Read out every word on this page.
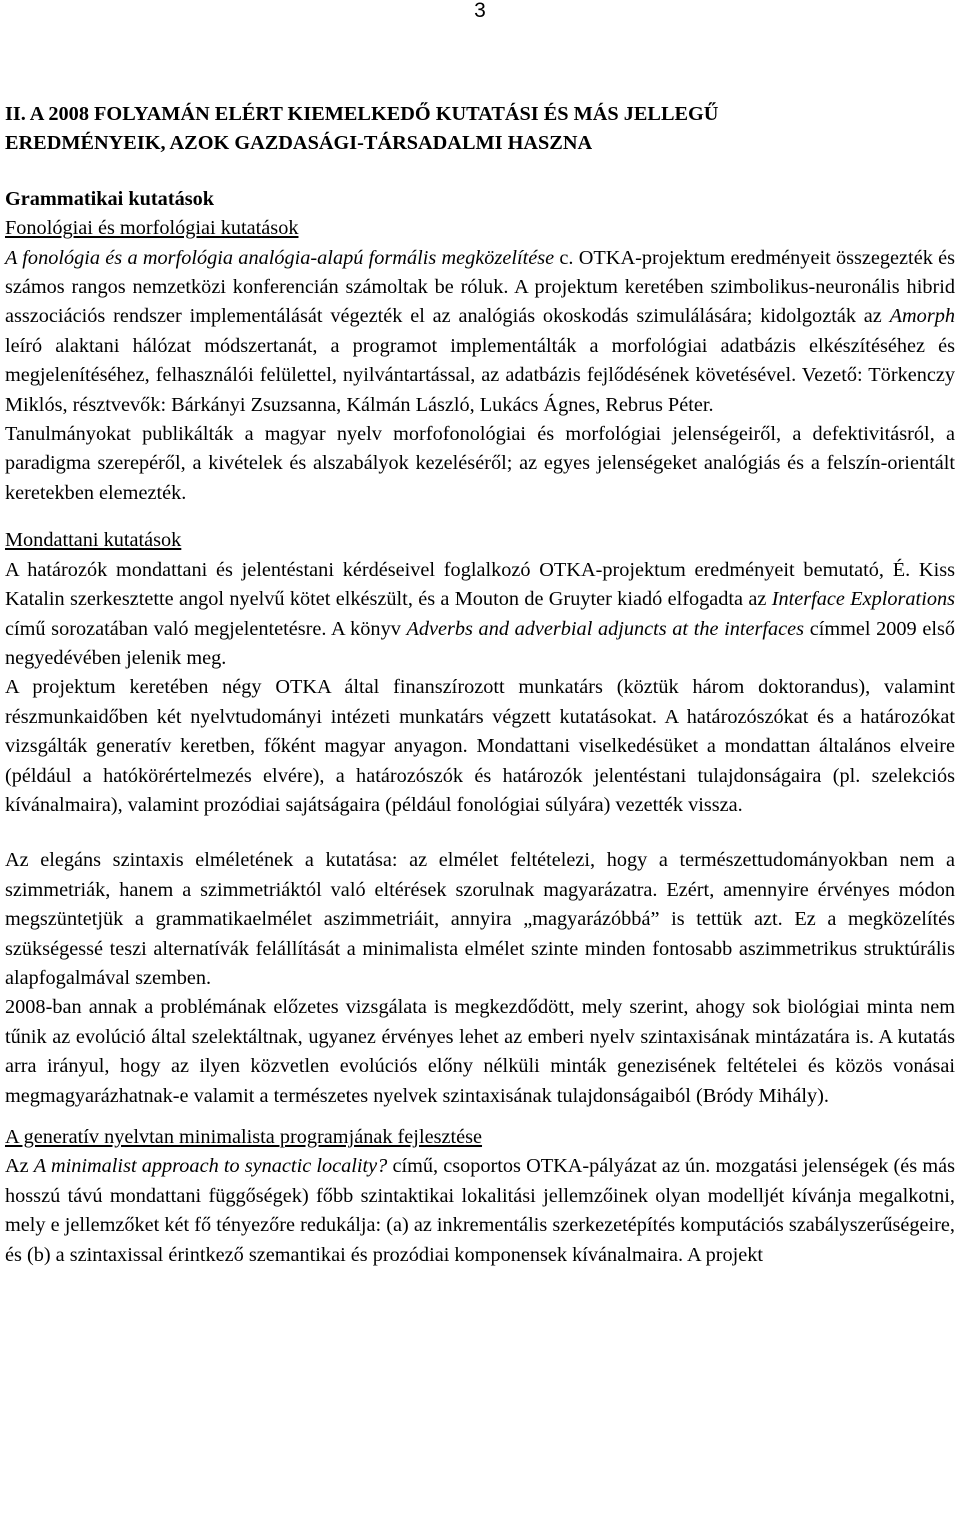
3
II. A 2008 FOLYAMÁN ELÉRT KIEMELKEDŐ KUTATÁSI ÉS MÁS JELLEGŰ
EREDMÉNYEIK, AZOK GAZDASÁGI-TÁRSADALMI HASZNA
Grammatikai kutatások
Fonológiai és morfológiai kutatások

A fonológia és a morfológia analógia-alapú formális megközelítése c. OTKA-projektum eredményeit összegezték és számos rangos nemzetközi konferencián számoltak be róluk. A projektum keretében szimbolikus-neuronális hibrid asszociációs rendszer implementálását végezték el az analógiás okoskodás szimulálására; kidolgozták az Amorph leíró alaktani hálózat módszertanát, a programot implementálták a morfológiai adatbázis elkészítéséhez és megjelenítéséhez, felhasználói felülettel, nyilvántartással, az adatbázis fejlődésének követésével. Vezető: Törkenczy Miklós, résztvevők: Bárkányi Zsuzsanna, Kálmán László, Lukács Ágnes, Rebrus Péter.

Tanulmányokat publikálták a magyar nyelv morfofonológiai és morfológiai jelenségeiről, a defektivitásról, a paradigma szerepéről, a kivételek és alszabályok kezeléséről; az egyes jelenségeket analógiás és a felszín-orientált keretekben elemezték.

Mondattani kutatások

A határozók mondattani és jelentéstani kérdéseivel foglalkozó OTKA-projektum eredményeit bemutató, É. Kiss Katalin szerkesztette angol nyelvű kötet elkészült, és a Mouton de Gruyter kiadó elfogadta az Interface Explorations című sorozatában való megjelentetésre. A könyv Adverbs and adverbial adjuncts at the interfaces címmel 2009 első negyedévében jelenik meg.

A projektum keretében négy OTKA által finanszírozott munkatárs (köztük három doktorandus), valamint részmunkaidőben két nyelvtudományi intézeti munkatárs végzett kutatásokat. A határozószókat és a határozókat vizsgálták generatív keretben, főként magyar anyagon. Mondattani viselkedésüket a mondattan általános elveire (például a hatókörértelmezés elvére), a határozószók és határozók jelentéstani tulajdonságaira (pl. szelekciós kívánalmaira), valamint prozódiai sajátságaira (például fonológiai súlyára) vezették vissza.

Az elegáns szintaxis elméletének a kutatása: az elmélet feltételezi, hogy a természettudományokban nem a szimmetriák, hanem a szimmetriáktól való eltérések szorulnak magyarázatra. Ezért, amennyire érvényes módon megszüntetjük a grammatikaelmélet aszimmetriáit, annyira „magyarázóbbá” is tettük azt. Ez a megközelítés szükségessé teszi alternatívák felállítását a minimalista elmélet szinte minden fontosabb aszimmetrikus struktúrális alapfogalmával szemben.

2008-ban annak a problémának előzetes vizsgálata is megkezdődött, mely szerint, ahogy sok biológiai minta nem tűnik az evolúció által szelektáltnak, ugyanez érvényes lehet az emberi nyelv szintaxisának mintázatára is. A kutatás arra irányul, hogy az ilyen közvetlen evolúciós előny nélküli minták genezisének feltételei és közös vonásai megmagyarázhatnak-e valamit a természetes nyelvek szintaxisának tulajdonságaiból (Bródy Mihály).

A generatív nyelvtan minimalista programjának fejlesztése

Az A minimalist approach to synactic locality? című, csoportos OTKA-pályázat az ún. mozgatási jelenségek (és más hosszú távú mondattani függőségek) főbb szintaktikai lokalitási jellemzőinek olyan modelljét kívánja megalkotni, mely e jellemzőket két fő tényezőre redukálja: (a) az inkrementális szerkezetépítés komputációs szabályszerűségeire, és (b) a szintaxissal érintkező szemantikai és prozódiai komponensek kívánalmaira. A projekt
